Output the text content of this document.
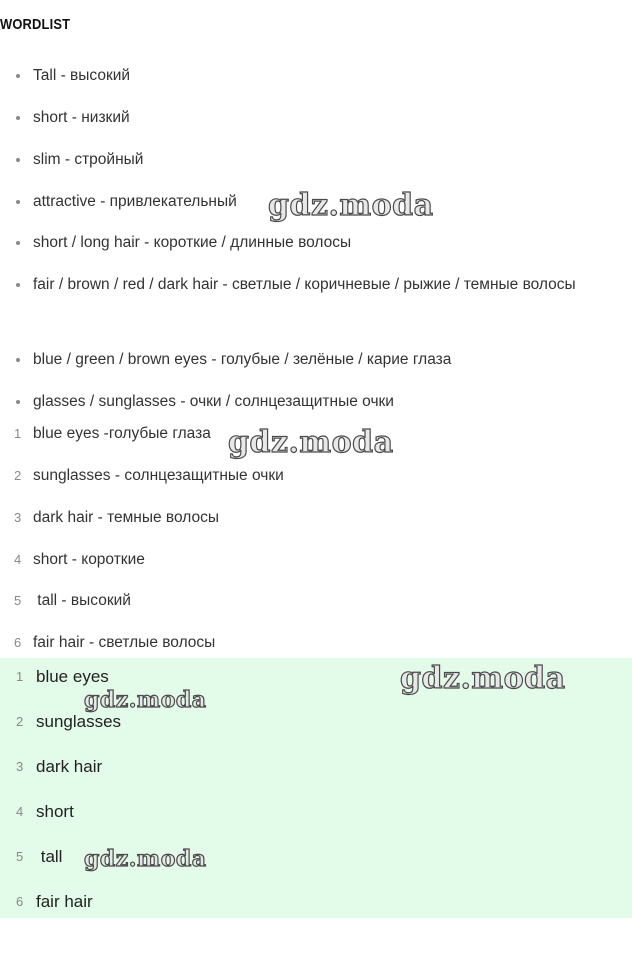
WORDLIST
Tall - высокий
short - низкий
slim - стройный
attractive - привлекательный
short / long hair - короткие / длинные волосы
fair / brown / red / dark hair - светлые / коричневые / рыжие / темные волосы
blue / green / brown eyes - голубые / зелёные / карие глаза
glasses / sunglasses - очки / солнцезащитные очки
1 blue eyes -голубые глаза
2 sunglasses - солнцезащитные очки
3 dark hair - темные волосы
4 short - короткие
5 tall - высокий
6 fair hair - светлые волосы
1 blue eyes
2 sunglasses
3 dark hair
4 short
5 tall
6 fair hair
gdz.moda
gdz.moda
gdz.moda
gdz.moda
gdz.moda
